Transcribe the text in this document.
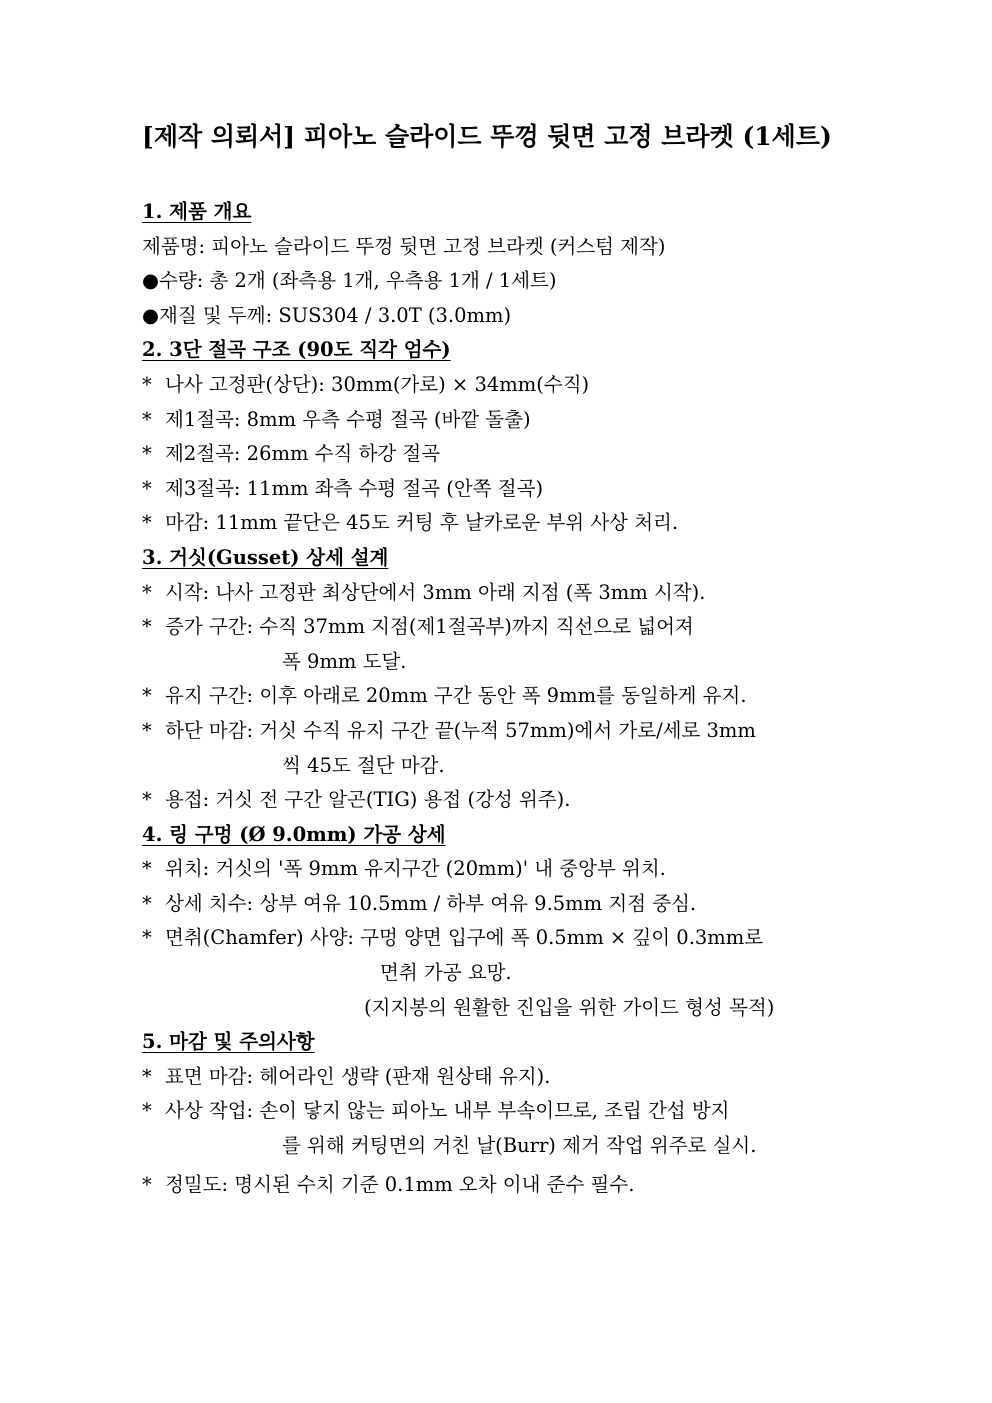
[제작 의뢰서] 피아노 슬라이드 뚜껑 뒷면 고정 브라켓 (1세트)
1. 제품 개요
제품명: 피아노 슬라이드 뚜껑 뒷면 고정 브라켓 (커스텀 제작)
●수량: 총 2개 (좌측용 1개, 우측용 1개 / 1세트)
●재질 및 두께: SUS304 / 3.0T (3.0mm)
2. 3단 절곡 구조 (90도 직각 엄수)
* 나사 고정판(상단): 30mm(가로) × 34mm(수직)
* 제1절곡: 8mm 우측 수평 절곡 (바깥 돌출)
* 제2절곡: 26mm 수직 하강 절곡
* 제3절곡: 11mm 좌측 수평 절곡 (안쪽 절곡)
* 마감: 11mm 끝단은 45도 커팅 후 날카로운 부위 사상 처리.
3. 거싯(Gusset) 상세 설계
* 시작: 나사 고정판 최상단에서 3mm 아래 지점 (폭 3mm 시작).
* 증가 구간: 수직 37mm 지점(제1절곡부)까지 직선으로 넓어져
폭 9mm 도달.
* 유지 구간: 이후 아래로 20mm 구간 동안 폭 9mm를 동일하게 유지.
* 하단 마감: 거싯 수직 유지 구간 끝(누적 57mm)에서 가로/세로 3mm
씩 45도 절단 마감.
* 용접: 거싯 전 구간 알곤(TIG) 용접 (강성 위주).
4. 링 구멍 (Ø 9.0mm) 가공 상세
* 위치: 거싯의 '폭 9mm 유지구간 (20mm)' 내 중앙부 위치.
* 상세 치수: 상부 여유 10.5mm / 하부 여유 9.5mm 지점 중심.
* 면취(Chamfer) 사양: 구멍 양면 입구에 폭 0.5mm × 깊이 0.3mm로
면취 가공 요망.
(지지봉의 원활한 진입을 위한 가이드 형성 목적)
5. 마감 및 주의사항
* 표면 마감: 헤어라인 생략 (판재 원상태 유지).
* 사상 작업: 손이 닿지 않는 피아노 내부 부속이므로, 조립 간섭 방지
를 위해 커팅면의 거친 날(Burr) 제거 작업 위주로 실시.
* 정밀도: 명시된 수치 기준 0.1mm 오차 이내 준수 필수.
